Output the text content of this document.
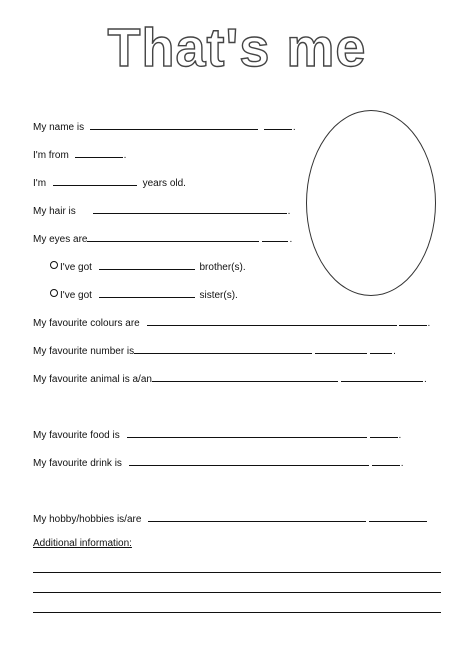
That's me
My name is	.
I'm from	.
I'm	years old.
My hair is	.
My eyes are	.
I've got	brother(s).
I've got	sister(s).
My favourite colours are	.
My favourite number is	.
My favourite animal is a/an	.
My favourite food is	.
My favourite drink is	.
My hobby/hobbies is/are
Additional information:
